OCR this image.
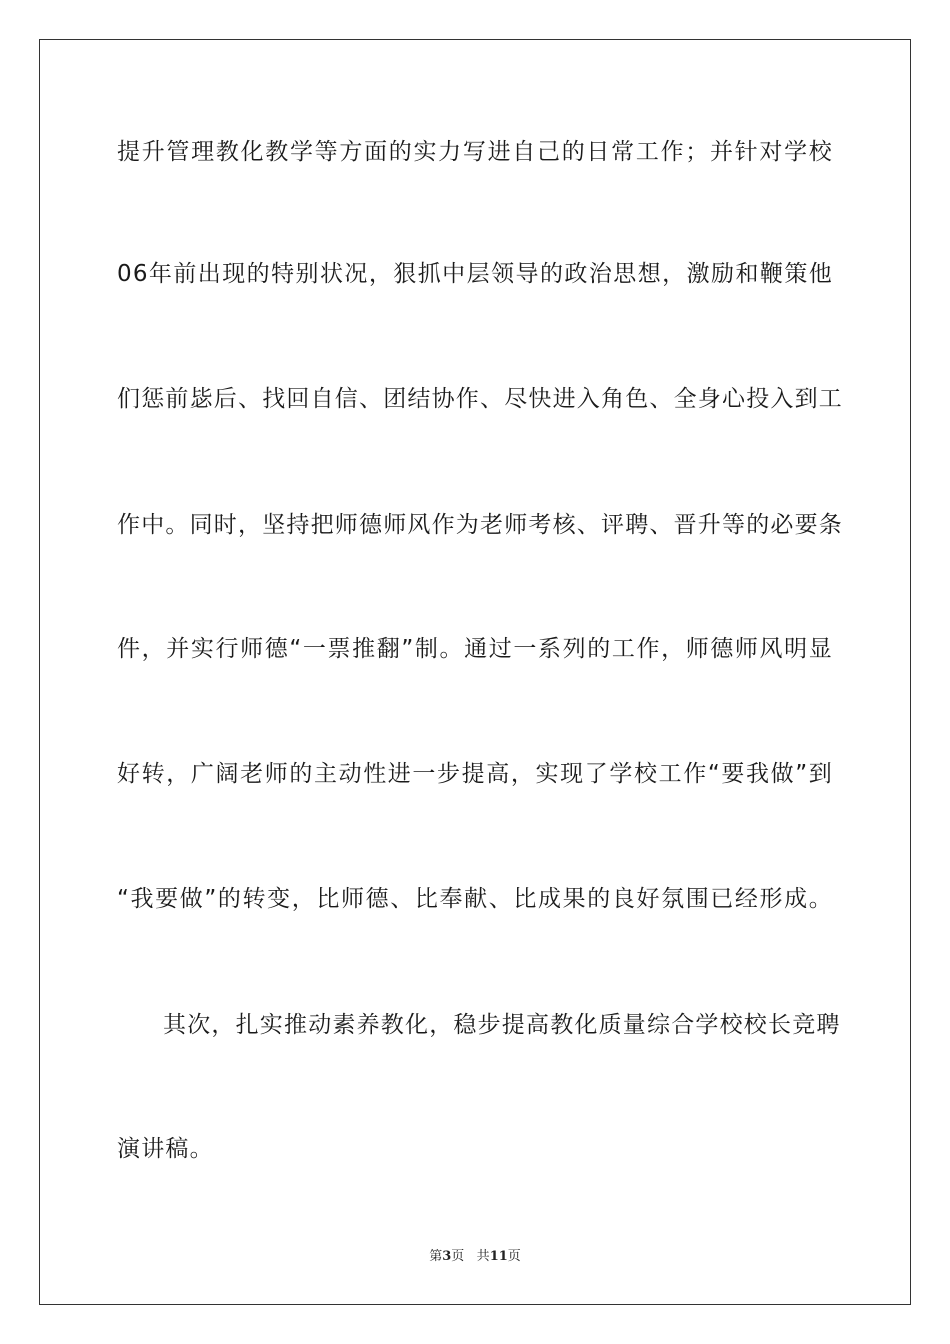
提升管理教化教学等方面的实力写进自己的日常工作；并针对学校
06年前出现的特别状况，狠抓中层领导的政治思想，激励和鞭策他
们惩前毖后、找回自信、团结协作、尽快进入角色、全身心投入到工
作中。同时，坚持把师德师风作为老师考核、评聘、晋升等的必要条
件，并实行师德“一票推翻”制。通过一系列的工作，师德师风明显
好转，广阔老师的主动性进一步提高，实现了学校工作“要我做”到
“我要做”的转变，比师德、比奉献、比成果的良好氛围已经形成。
其次，扎实推动素养教化，稳步提高教化质量综合学校校长竞聘
演讲稿。
第3页 共11页
